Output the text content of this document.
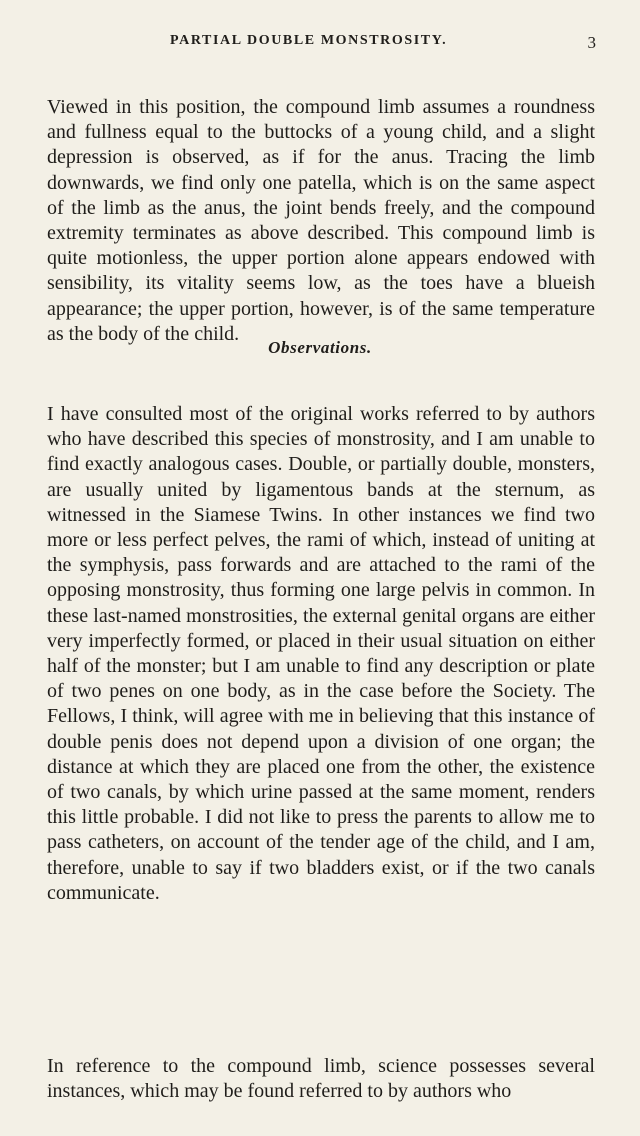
PARTIAL DOUBLE MONSTROSITY.	3

Viewed in this position, the compound limb assumes a roundness and fullness equal to the buttocks of a young child, and a slight depression is observed, as if for the anus. Tracing the limb downwards, we find only one patella, which is on the same aspect of the limb as the anus, the joint bends freely, and the compound extremity terminates as above described. This compound limb is quite motionless, the upper portion alone appears endowed with sensibility, its vitality seems low, as the toes have a blueish appearance; the upper portion, however, is of the same temperature as the body of the child.

Observations.

I have consulted most of the original works referred to by authors who have described this species of monstrosity, and I am unable to find exactly analogous cases. Double, or partially double, monsters, are usually united by ligamentous bands at the sternum, as witnessed in the Siamese Twins. In other instances we find two more or less perfect pelves, the rami of which, instead of uniting at the symphysis, pass forwards and are attached to the rami of the opposing monstrosity, thus forming one large pelvis in common. In these last-named monstrosities, the external genital organs are either very imperfectly formed, or placed in their usual situation on either half of the monster; but I am unable to find any description or plate of two penes on one body, as in the case before the Society. The Fellows, I think, will agree with me in believing that this instance of double penis does not depend upon a division of one organ; the distance at which they are placed one from the other, the existence of two canals, by which urine passed at the same moment, renders this little probable. I did not like to press the parents to allow me to pass catheters, on account of the tender age of the child, and I am, therefore, unable to say if two bladders exist, or if the two canals communicate.

In reference to the compound limb, science possesses several instances, which may be found referred to by authors who
